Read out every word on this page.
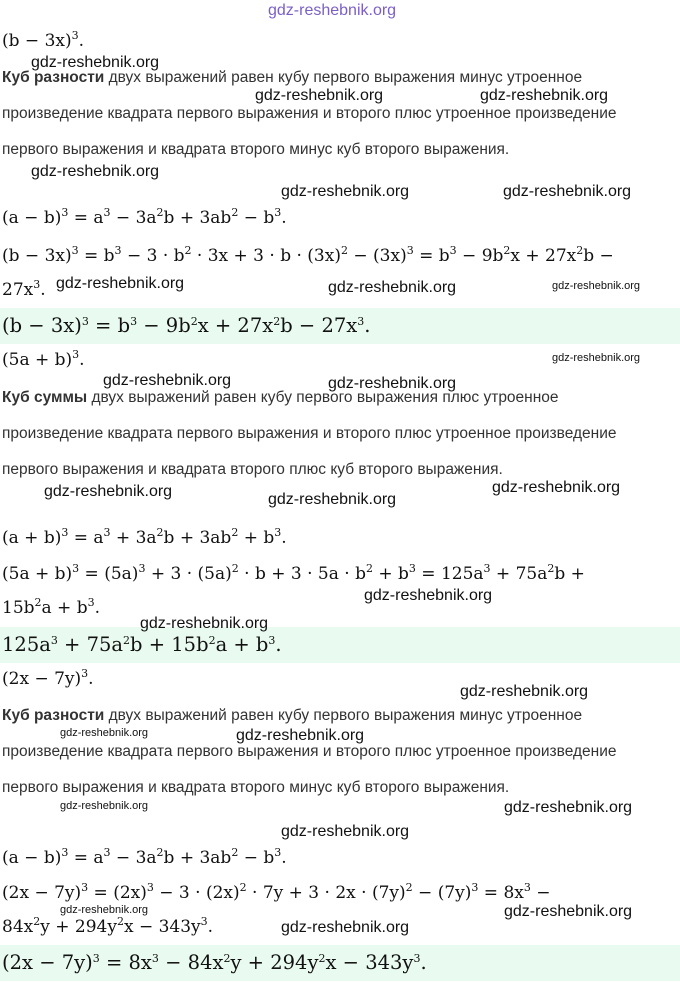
gdz-reshebnik.org
$(b - 3x)^3$.
Куб разности двух выражений равен кубу первого выражения минус утроенное произведение квадрата первого выражения и второго плюс утроенное произведение первого выражения и квадрата второго минус куб второго выражения.
$(a - b)^3 = a^3 - 3a^2b + 3ab^2 - b^3$.
$(b - 3x)^3 = b^3 - 3 \cdot b^2 \cdot 3x + 3 \cdot b \cdot (3x)^2 - (3x)^3 = b^3 - 9b^2x + 27x^2b$ −
$27x^3$.
$(b - 3x)^3 = b^3 - 9b^2x + 27x^2b - 27x^3$.
$(5a + b)^3$.
Куб суммы двух выражений равен кубу первого выражения плюс утроенное произведение квадрата первого выражения и второго плюс утроенное произведение первого выражения и квадрата второго плюс куб второго выражения.
$(a + b)^3 = a^3 + 3a^2b + 3ab^2 + b^3$.
$(5a + b)^3 = (5a)^3 + 3 \cdot (5a)^2 \cdot b + 3 \cdot 5a \cdot b^2 + b^3 = 125a^3 + 75a^2b$ +
$15b^2a + b^3$.
$125a^3 + 75a^2b + 15b^2a + b^3$.
$(2x - 7y)^3$.
Куб разности двух выражений равен кубу первого выражения минус утроенное произведение квадрата первого выражения и второго плюс утроенное произведение первого выражения и квадрата второго минус куб второго выражения.
$(a - b)^3 = a^3 - 3a^2b + 3ab^2 - b^3$.
$(2x - 7y)^3 = (2x)^3 - 3 \cdot (2x)^2 \cdot 7y + 3 \cdot 2x \cdot (7y)^2 - (7y)^3 = 8x^3$ −
$84x^2y + 294y^2x - 343y^3$.
$(2x - 7y)^3 = 8x^3 - 84x^2y + 294y^2x - 343y^3$.
gdz-reshebnik.org
gdz-reshebnik.org	gdz-reshebnik.org
gdz-reshebnik.org
gdz-reshebnik.org	gdz-reshebnik.org
gdz-reshebnik.org	gdz-reshebnik.org	gdz-reshebnik.org
gdz-reshebnik.org
gdz-reshebnik.org	gdz-reshebnik.org
gdz-reshebnik.org	gdz-reshebnik.org
gdz-reshebnik.org
gdz-reshebnik.org
gdz-reshebnik.org
gdz-reshebnik.org
gdz-reshebnik.org	gdz-reshebnik.org
gdz-reshebnik.org	gdz-reshebnik.org
gdz-reshebnik.org
gdz-reshebnik.org	gdz-reshebnik.org
gdz-reshebnik.org
